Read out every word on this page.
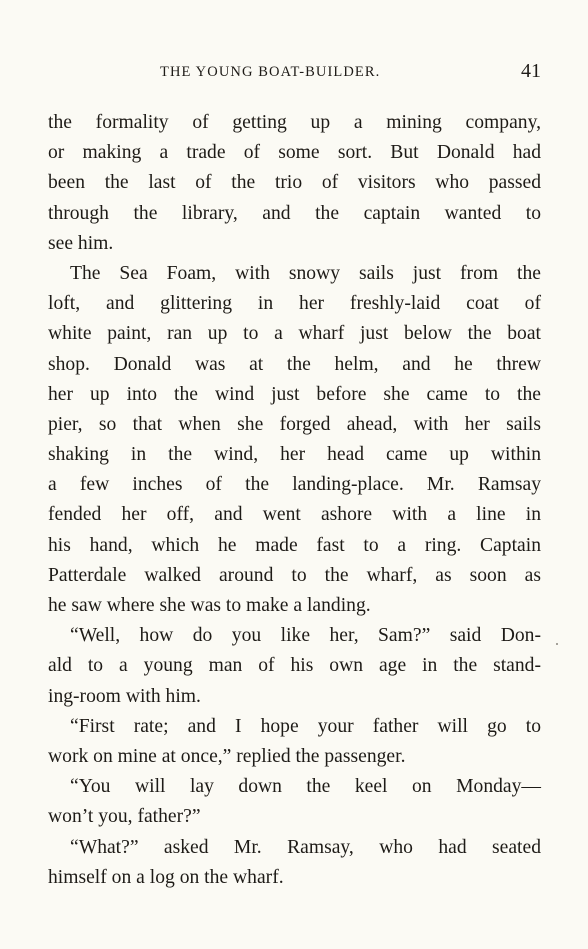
THE YOUNG BOAT-BUILDER.	41
the formality of getting up a mining company,
or making a trade of some sort. But Donald had
been the last of the trio of visitors who passed
through the library, and the captain wanted to
see him.
The Sea Foam, with snowy sails just from the
loft, and glittering in her freshly-laid coat of
white paint, ran up to a wharf just below the boat
shop. Donald was at the helm, and he threw
her up into the wind just before she came to the
pier, so that when she forged ahead, with her sails
shaking in the wind, her head came up within
a few inches of the landing-place. Mr. Ramsay
fended her off, and went ashore with a line in
his hand, which he made fast to a ring. Captain
Patterdale walked around to the wharf, as soon as
he saw where she was to make a landing.
“Well, how do you like her, Sam?” said Don-
ald to a young man of his own age in the stand-
ing-room with him.
“First rate; and I hope your father will go to
work on mine at once,” replied the passenger.
“You will lay down the keel on Monday—
won’t you, father?”
“What?” asked Mr. Ramsay, who had seated
himself on a log on the wharf.
